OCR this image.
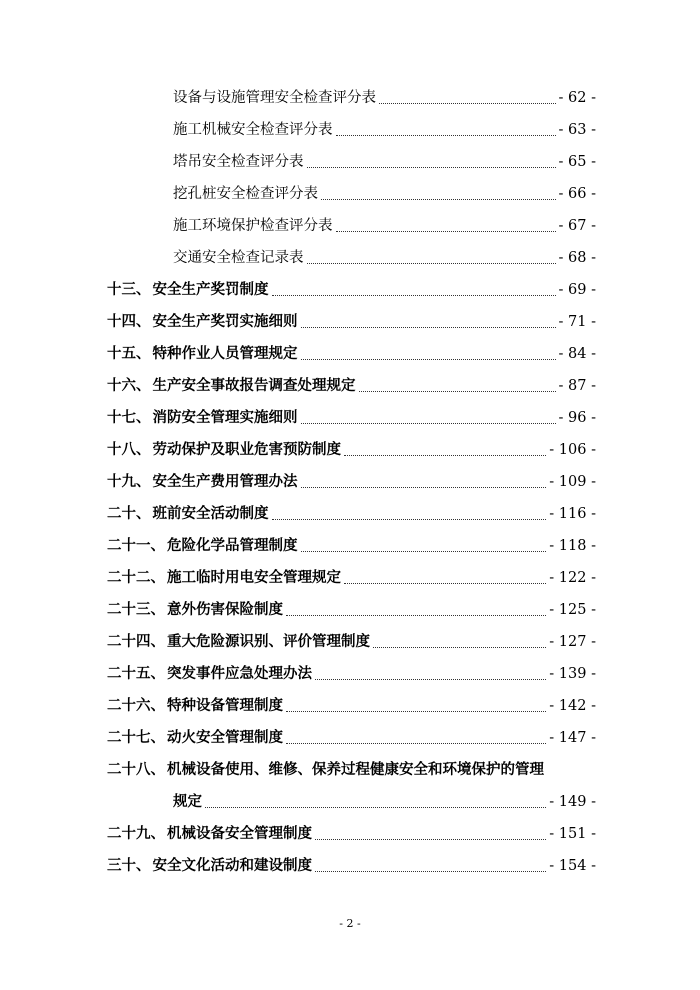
设备与设施管理安全检查评分表	- 62 -
施工机械安全检查评分表	- 63 -
塔吊安全检查评分表	- 65 -
挖孔桩安全检查评分表	- 66 -
施工环境保护检查评分表	- 67 -
交通安全检查记录表	- 68 -
十三、 安全生产奖罚制度	- 69 -
十四、 安全生产奖罚实施细则	- 71 -
十五、 特种作业人员管理规定	- 84 -
十六、 生产安全事故报告调查处理规定	- 87 -
十七、 消防安全管理实施细则	- 96 -
十八、 劳动保护及职业危害预防制度	- 106 -
十九、 安全生产费用管理办法	- 109 -
二十、 班前安全活动制度	- 116 -
二十一、 危险化学品管理制度	- 118 -
二十二、 施工临时用电安全管理规定	- 122 -
二十三、 意外伤害保险制度	- 125 -
二十四、 重大危险源识别、评价管理制度	- 127 -
二十五、 突发事件应急处理办法	- 139 -
二十六、 特种设备管理制度	- 142 -
二十七、 动火安全管理制度	- 147 -
二十八、 机械设备使用、维修、保养过程健康安全和环境保护的管理
规定	- 149 -
二十九、 机械设备安全管理制度	- 151 -
三十、 安全文化活动和建设制度	- 154 -
- 2 -
